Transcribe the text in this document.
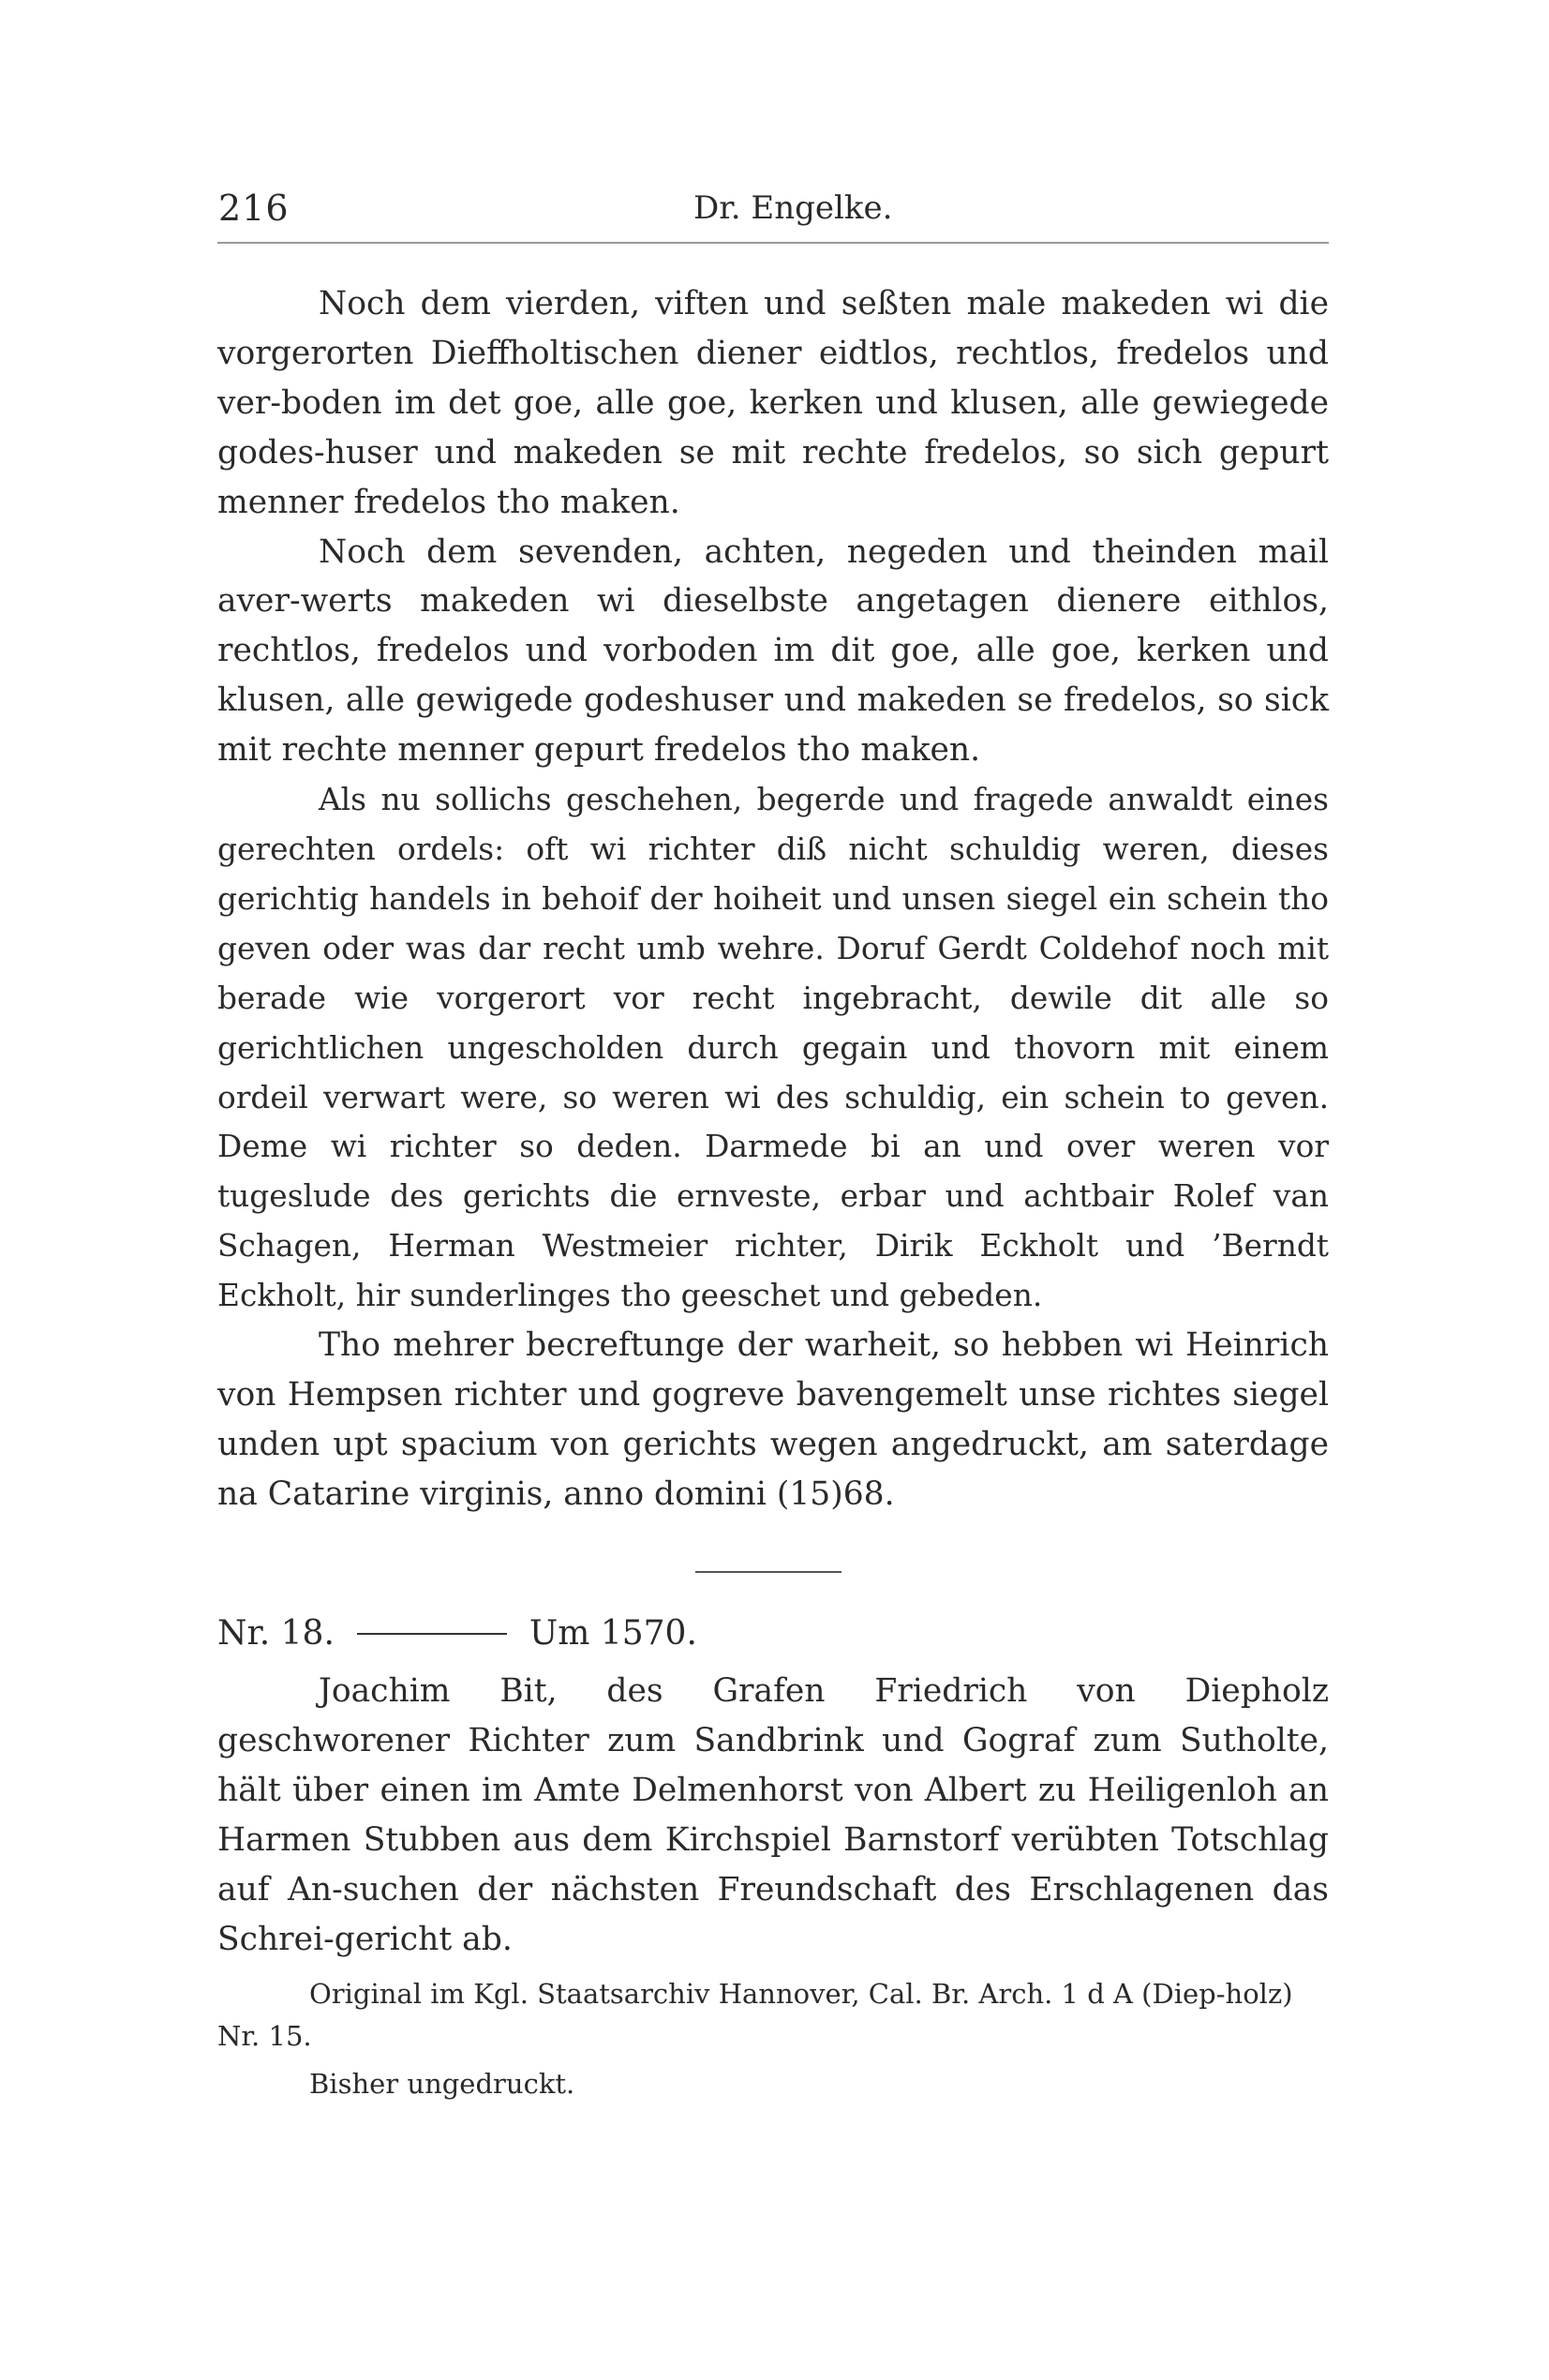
216	Dr. Engelke.

Noch dem vierden, viften und seßten male makeden wi die vorgerorten Dieffholtischen diener eidtlos, rechtlos, fredelos und ver-boden im det goe, alle goe, kerken und klusen, alle gewiegede godes-huser und makeden se mit rechte fredelos, so sich gepurt menner fredelos tho maken.

Noch dem sevenden, achten, negeden und theinden mail aver-werts makeden wi dieselbste angetagen dienere eithlos, rechtlos, fredelos und vorboden im dit goe, alle goe, kerken und klusen, alle gewigede godeshuser und makeden se fredelos, so sick mit rechte menner gepurt fredelos tho maken.

Als nu sollichs geschehen, begerde und fragede anwaldt eines gerechten ordels: oft wi richter diß nicht schuldig weren, dieses gerichtig handels in behoif der hoiheit und unsen siegel ein schein tho geven oder was dar recht umb wehre. Doruf Gerdt Coldehof noch mit berade wie vorgerort vor recht ingebracht, dewile dit alle so gerichtlichen ungescholden durch gegain und thovorn mit einem ordeil verwart were, so weren wi des schuldig, ein schein to geven. Deme wi richter so deden. Darmede bi an und over weren vor tugeslude des gerichts die ernveste, erbar und achtbair Rolef van Schagen, Herman Westmeier richter, Dirik Eckholt und ’Berndt Eckholt, hir sunderlinges tho geeschet und gebeden.

Tho mehrer becreftunge der warheit, so hebben wi Heinrich von Hempsen richter und gogreve bavengemelt unse richtes siegel unden upt spacium von gerichts wegen angedruckt, am saterdage na Catarine virginis, anno domini (15)68.

Nr. 18.	Um 1570.

Joachim Bit, des Grafen Friedrich von Diepholz geschworener Richter zum Sandbrink und Gograf zum Sutholte, hält über einen im Amte Delmenhorst von Albert zu Heiligenloh an Harmen Stubben aus dem Kirchspiel Barnstorf verübten Totschlag auf An-suchen der nächsten Freundschaft des Erschlagenen das Schrei-gericht ab.

Original im Kgl. Staatsarchiv Hannover, Cal. Br. Arch. 1 d A (Diep-holz) Nr. 15.

Bisher ungedruckt.
